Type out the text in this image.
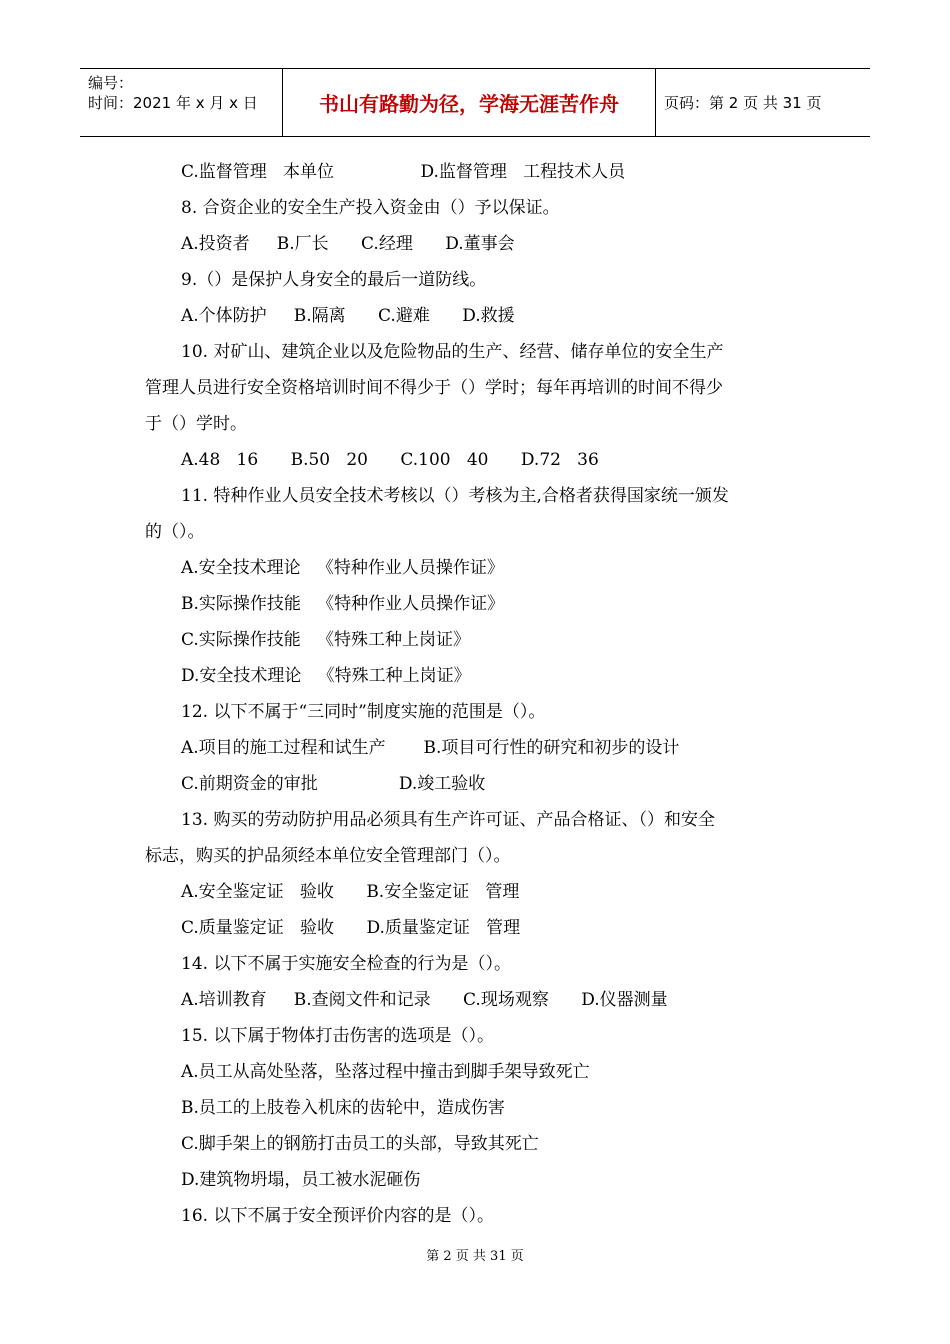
编号：
时间：2021 年 x 月 x 日	书山有路勤为径，学海无涯苦作舟	页码：第 2 页 共 31 页
C.监督管理   本单位                D.监督管理   工程技术人员
8. 合资企业的安全生产投入资金由（）予以保证。
A.投资者     B.厂长      C.经理      D.董事会
9.（）是保护人身安全的最后一道防线。
A.个体防护     B.隔离      C.避难      D.救援
10. 对矿山、建筑企业以及危险物品的生产、经营、储存单位的安全生产
管理人员进行安全资格培训时间不得少于（）学时；每年再培训的时间不得少
于（）学时。
A.48   16      B.50   20      C.100   40      D.72   36
11. 特种作业人员安全技术考核以（）考核为主,合格者获得国家统一颁发
的（）。
A.安全技术理论   《特种作业人员操作证》
B.实际操作技能   《特种作业人员操作证》
C.实际操作技能   《特殊工种上岗证》
D.安全技术理论   《特殊工种上岗证》
12. 以下不属于“三同时”制度实施的范围是（）。
A.项目的施工过程和试生产       B.项目可行性的研究和初步的设计
C.前期资金的审批               D.竣工验收
13. 购买的劳动防护用品必须具有生产许可证、产品合格证、（）和安全
标志，购买的护品须经本单位安全管理部门（）。
A.安全鉴定证   验收      B.安全鉴定证   管理
C.质量鉴定证   验收      D.质量鉴定证   管理
14. 以下不属于实施安全检查的行为是（）。
A.培训教育     B.查阅文件和记录      C.现场观察      D.仪器测量
15. 以下属于物体打击伤害的选项是（）。
A.员工从高处坠落，坠落过程中撞击到脚手架导致死亡
B.员工的上肢卷入机床的齿轮中，造成伤害
C.脚手架上的钢筋打击员工的头部，导致其死亡
D.建筑物坍塌，员工被水泥砸伤
16. 以下不属于安全预评价内容的是（）。
第 2 页 共 31 页
